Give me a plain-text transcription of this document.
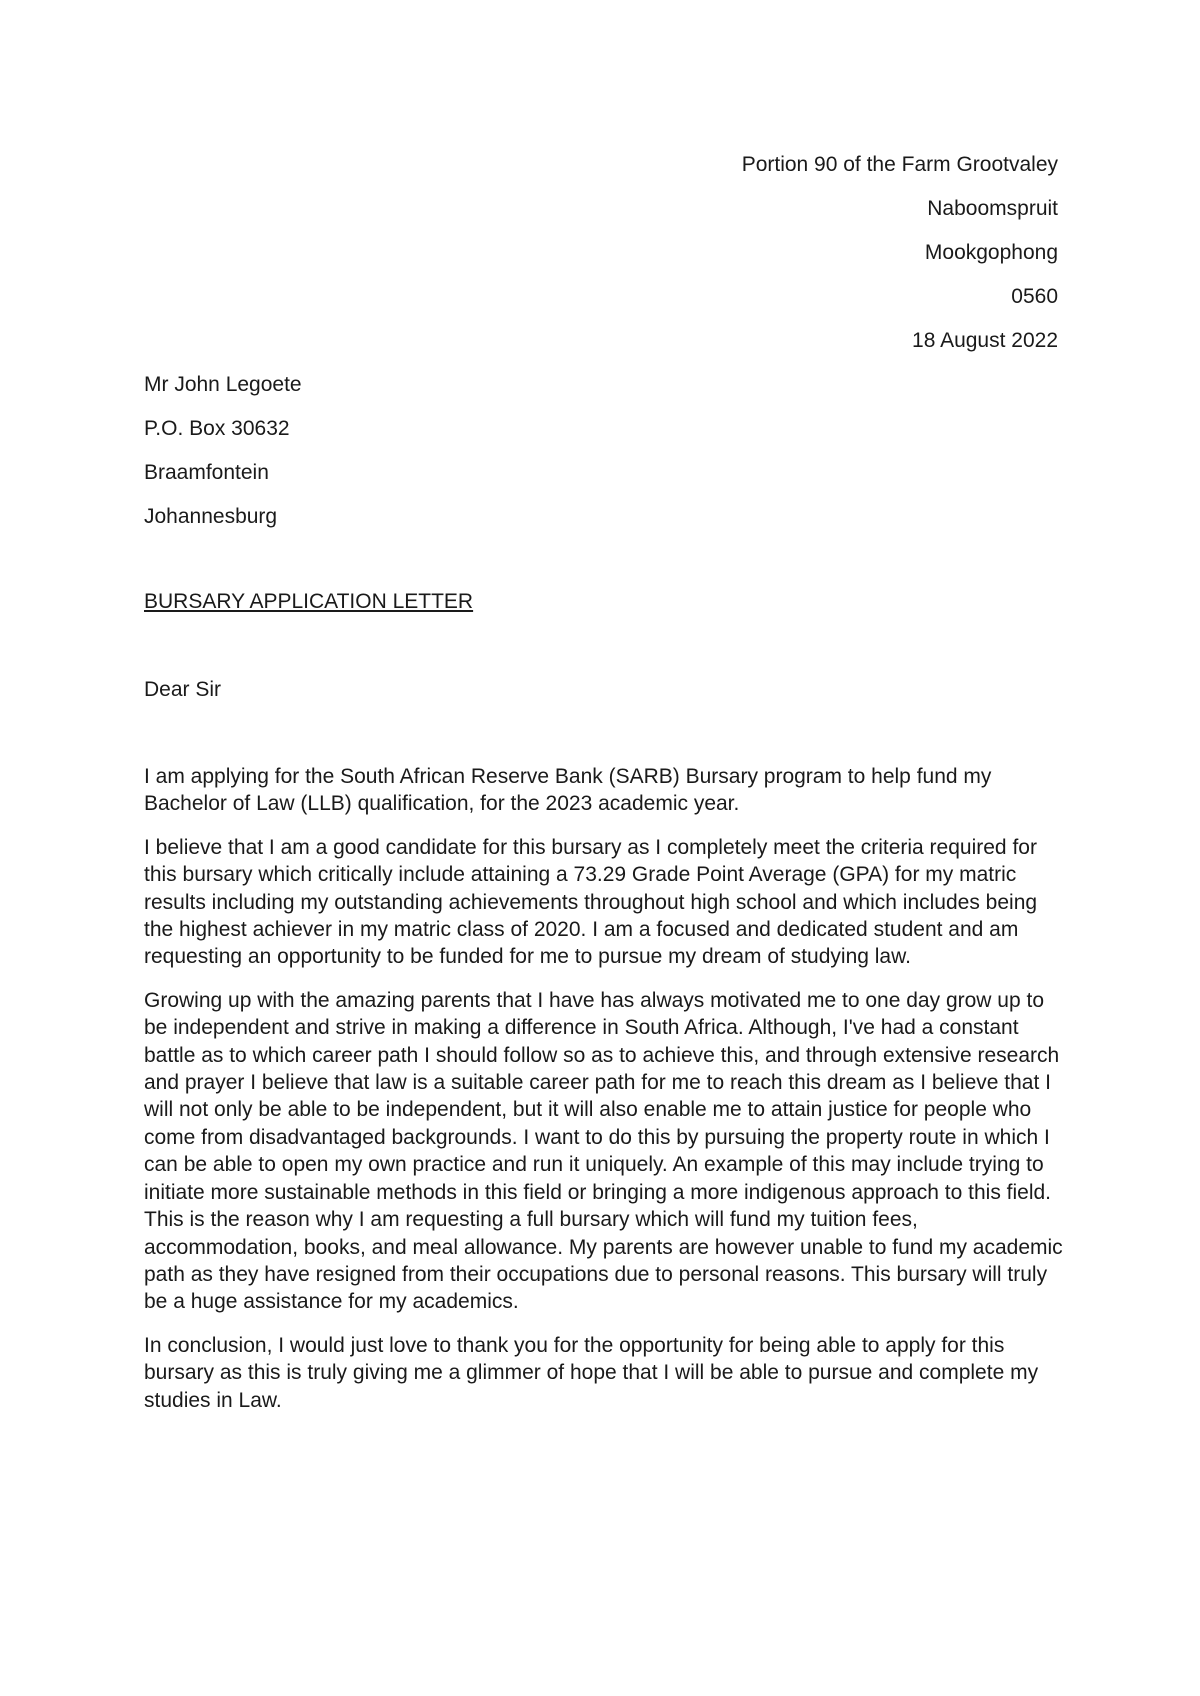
Portion 90 of the Farm Grootvaley
Naboomspruit
Mookgophong
0560
18 August 2022
Mr John Legoete
P.O. Box 30632
Braamfontein
Johannesburg
BURSARY APPLICATION LETTER
Dear Sir

I am applying for the South African Reserve Bank (SARB) Bursary program to help fund my Bachelor of Law (LLB) qualification, for the 2023 academic year.

I believe that I am a good candidate for this bursary as I completely meet the criteria required for this bursary which critically include attaining a 73.29 Grade Point Average (GPA) for my matric results including my outstanding achievements throughout high school and which includes being the highest achiever in my matric class of 2020. I am a focused and dedicated student and am requesting an opportunity to be funded for me to pursue my dream of studying law.

Growing up with the amazing parents that I have has always motivated me to one day grow up to be independent and strive in making a difference in South Africa. Although, I've had a constant battle as to which career path I should follow so as to achieve this, and through extensive research and prayer I believe that law is a suitable career path for me to reach this dream as I believe that I will not only be able to be independent, but it will also enable me to attain justice for people who come from disadvantaged backgrounds. I want to do this by pursuing the property route in which I can be able to open my own practice and run it uniquely. An example of this may include trying to initiate more sustainable methods in this field or bringing a more indigenous approach to this field. This is the reason why I am requesting a full bursary which will fund my tuition fees, accommodation, books, and meal allowance. My parents are however unable to fund my academic path as they have resigned from their occupations due to personal reasons. This bursary will truly be a huge assistance for my academics.

In conclusion, I would just love to thank you for the opportunity for being able to apply for this bursary as this is truly giving me a glimmer of hope that I will be able to pursue and complete my studies in Law.
